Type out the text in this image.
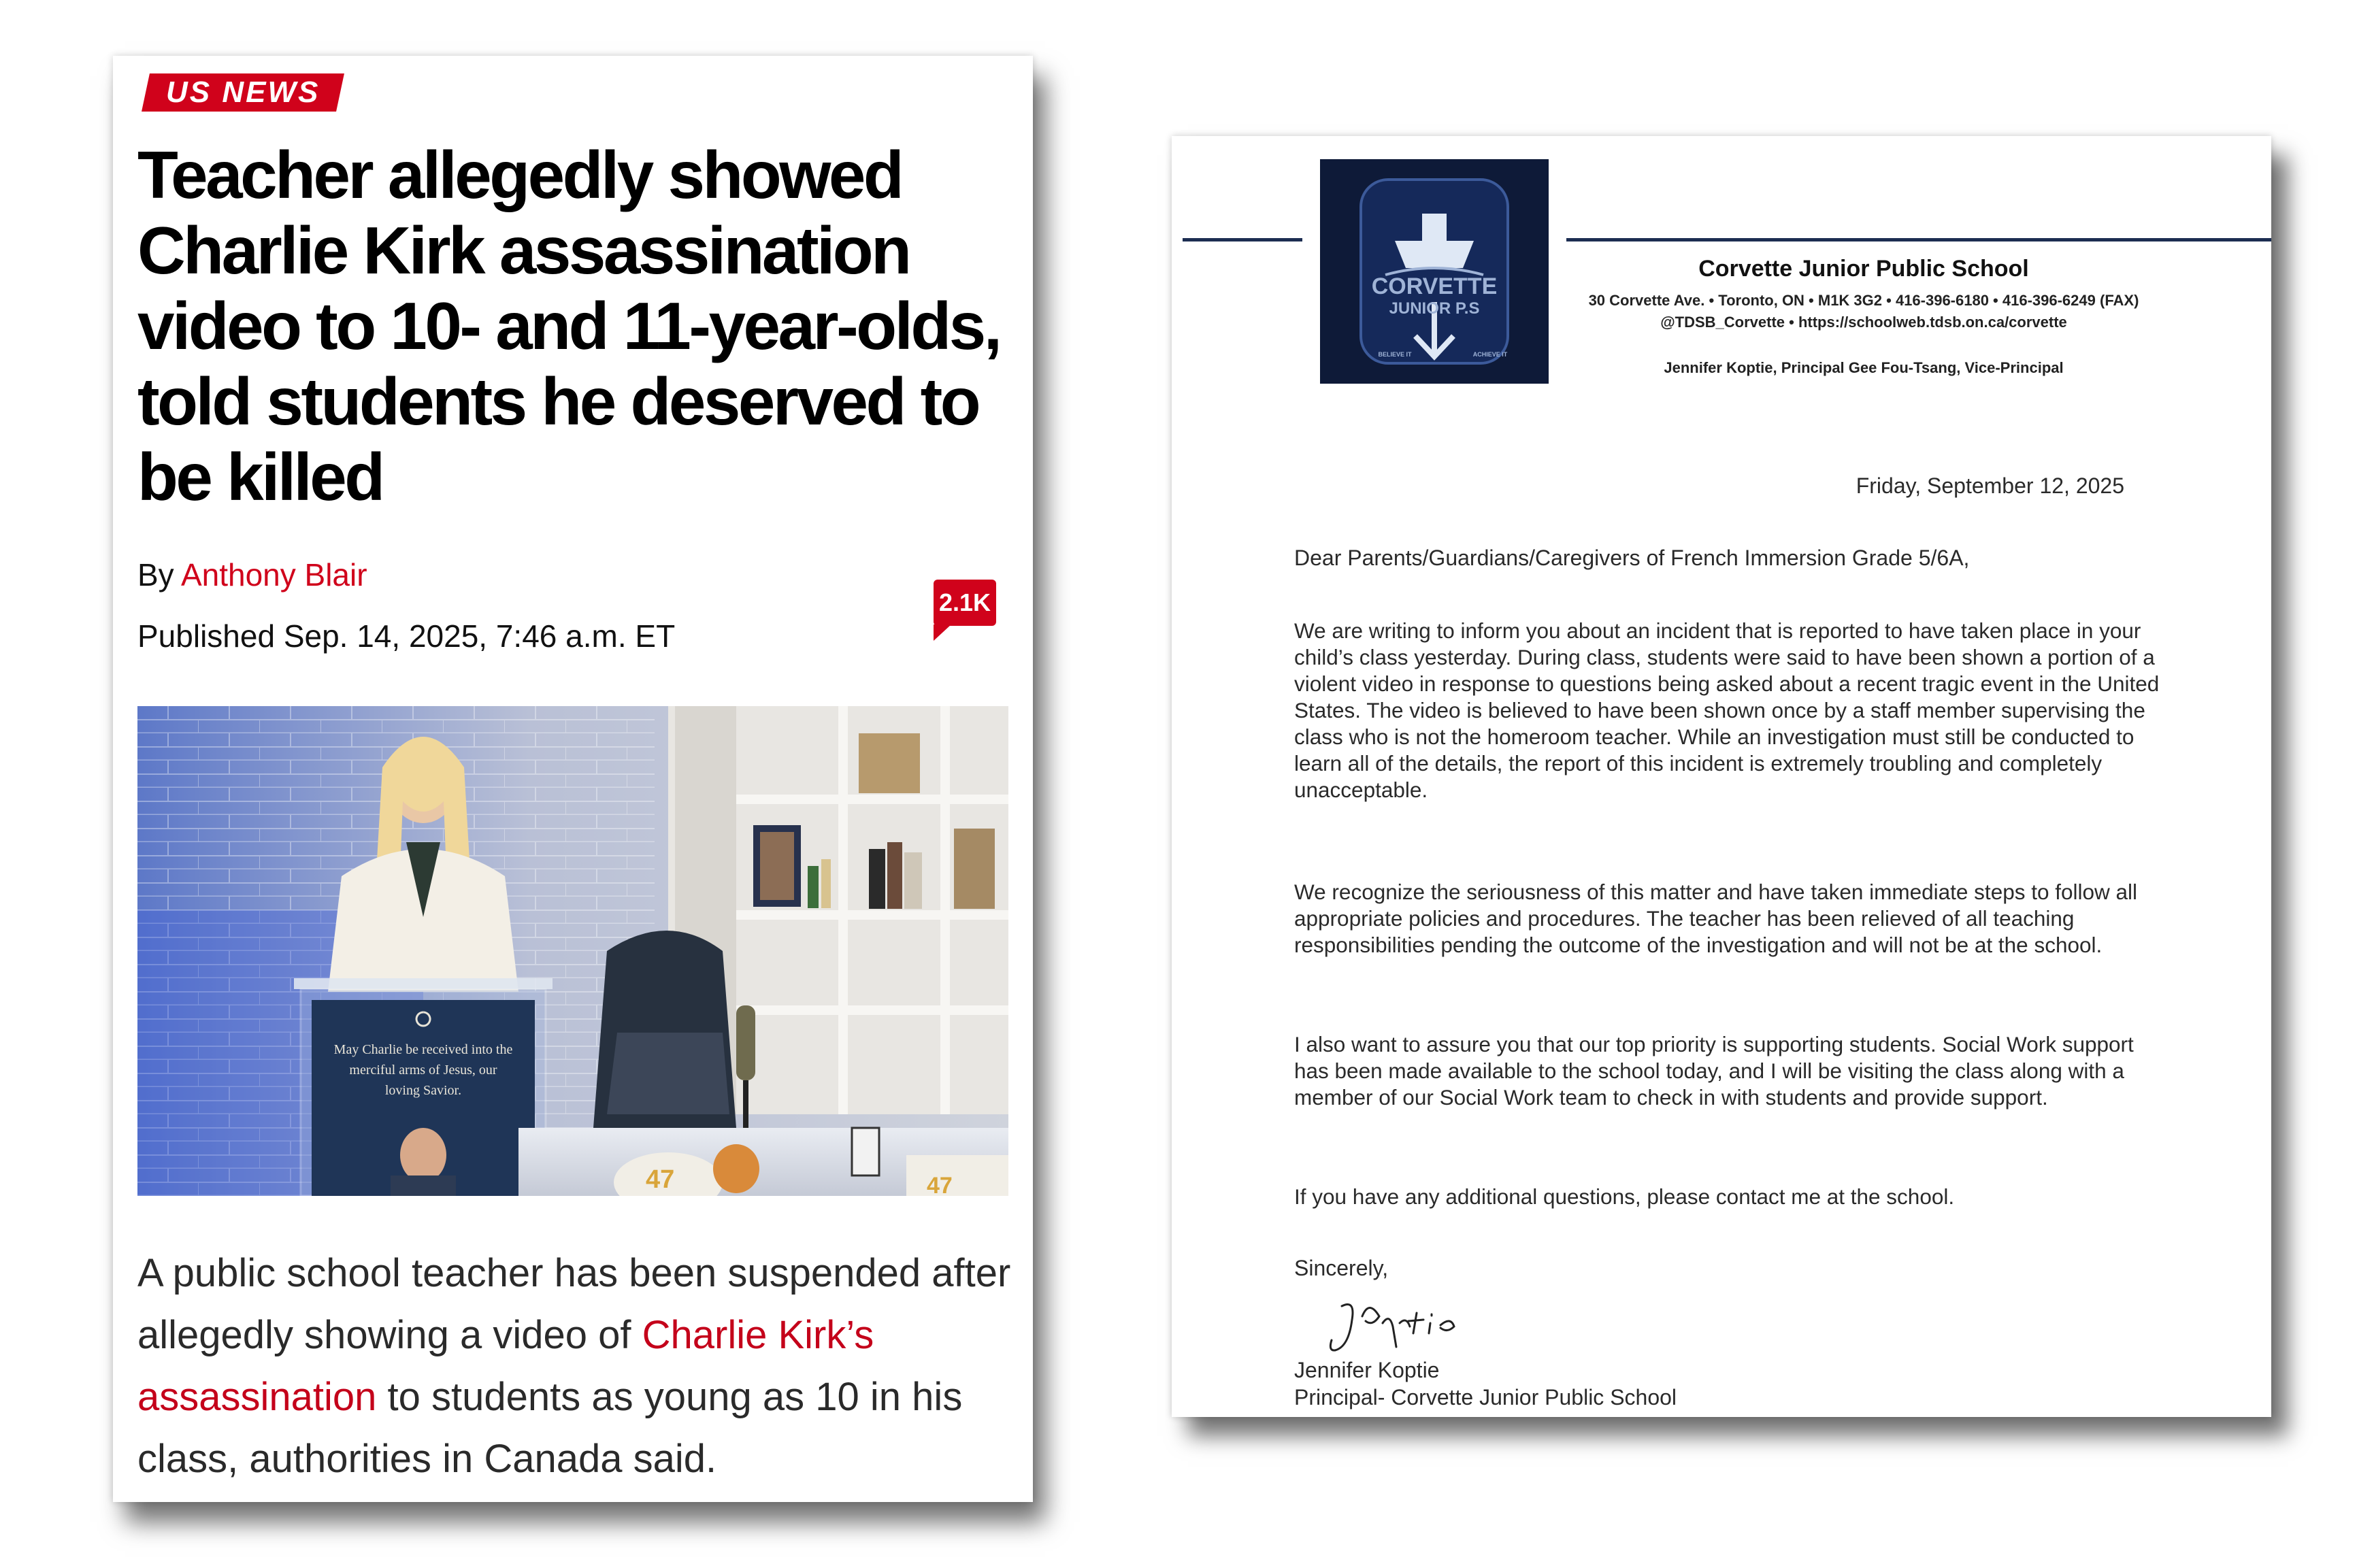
US NEWS
Teacher allegedly showed Charlie Kirk assassination video to 10- and 11-year-olds, told students he deserved to be killed
By Anthony Blair
Published Sep. 14, 2025, 7:46 a.m. ET
2.1K
47	47
May Charlie be received into the merciful arms of Jesus, our loving Savior.

A public school teacher has been suspended after allegedly showing a video of Charlie Kirk’s assassination to students as young as 10 in his class, authorities in Canada said.

CORVETTE
JUNIOR P.S
BELIEVE IT	ACHIEVE IT
Corvette Junior Public School
30 Corvette Ave. • Toronto, ON • M1K 3G2 • 416-396-6180 • 416-396-6249 (FAX)
@TDSB_Corvette • https://schoolweb.tdsb.on.ca/corvette
Jennifer Koptie, Principal Gee Fou-Tsang, Vice-Principal
Friday, September 12, 2025
Dear Parents/Guardians/Caregivers of French Immersion Grade 5/6A,

We are writing to inform you about an incident that is reported to have taken place in your child’s class yesterday. During class, students were said to have been shown a portion of a violent video in response to questions being asked about a recent tragic event in the United States. The video is believed to have been shown once by a staff member supervising the class who is not the homeroom teacher. While an investigation must still be conducted to learn all of the details, the report of this incident is extremely troubling and completely unacceptable.

We recognize the seriousness of this matter and have taken immediate steps to follow all appropriate policies and procedures. The teacher has been relieved of all teaching responsibilities pending the outcome of the investigation and will not be at the school.

I also want to assure you that our top priority is supporting students. Social Work support has been made available to the school today, and I will be visiting the class along with a member of our Social Work team to check in with students and provide support.

If you have any additional questions, please contact me at the school.

Sincerely,
Jennifer Koptie
Principal- Corvette Junior Public School
